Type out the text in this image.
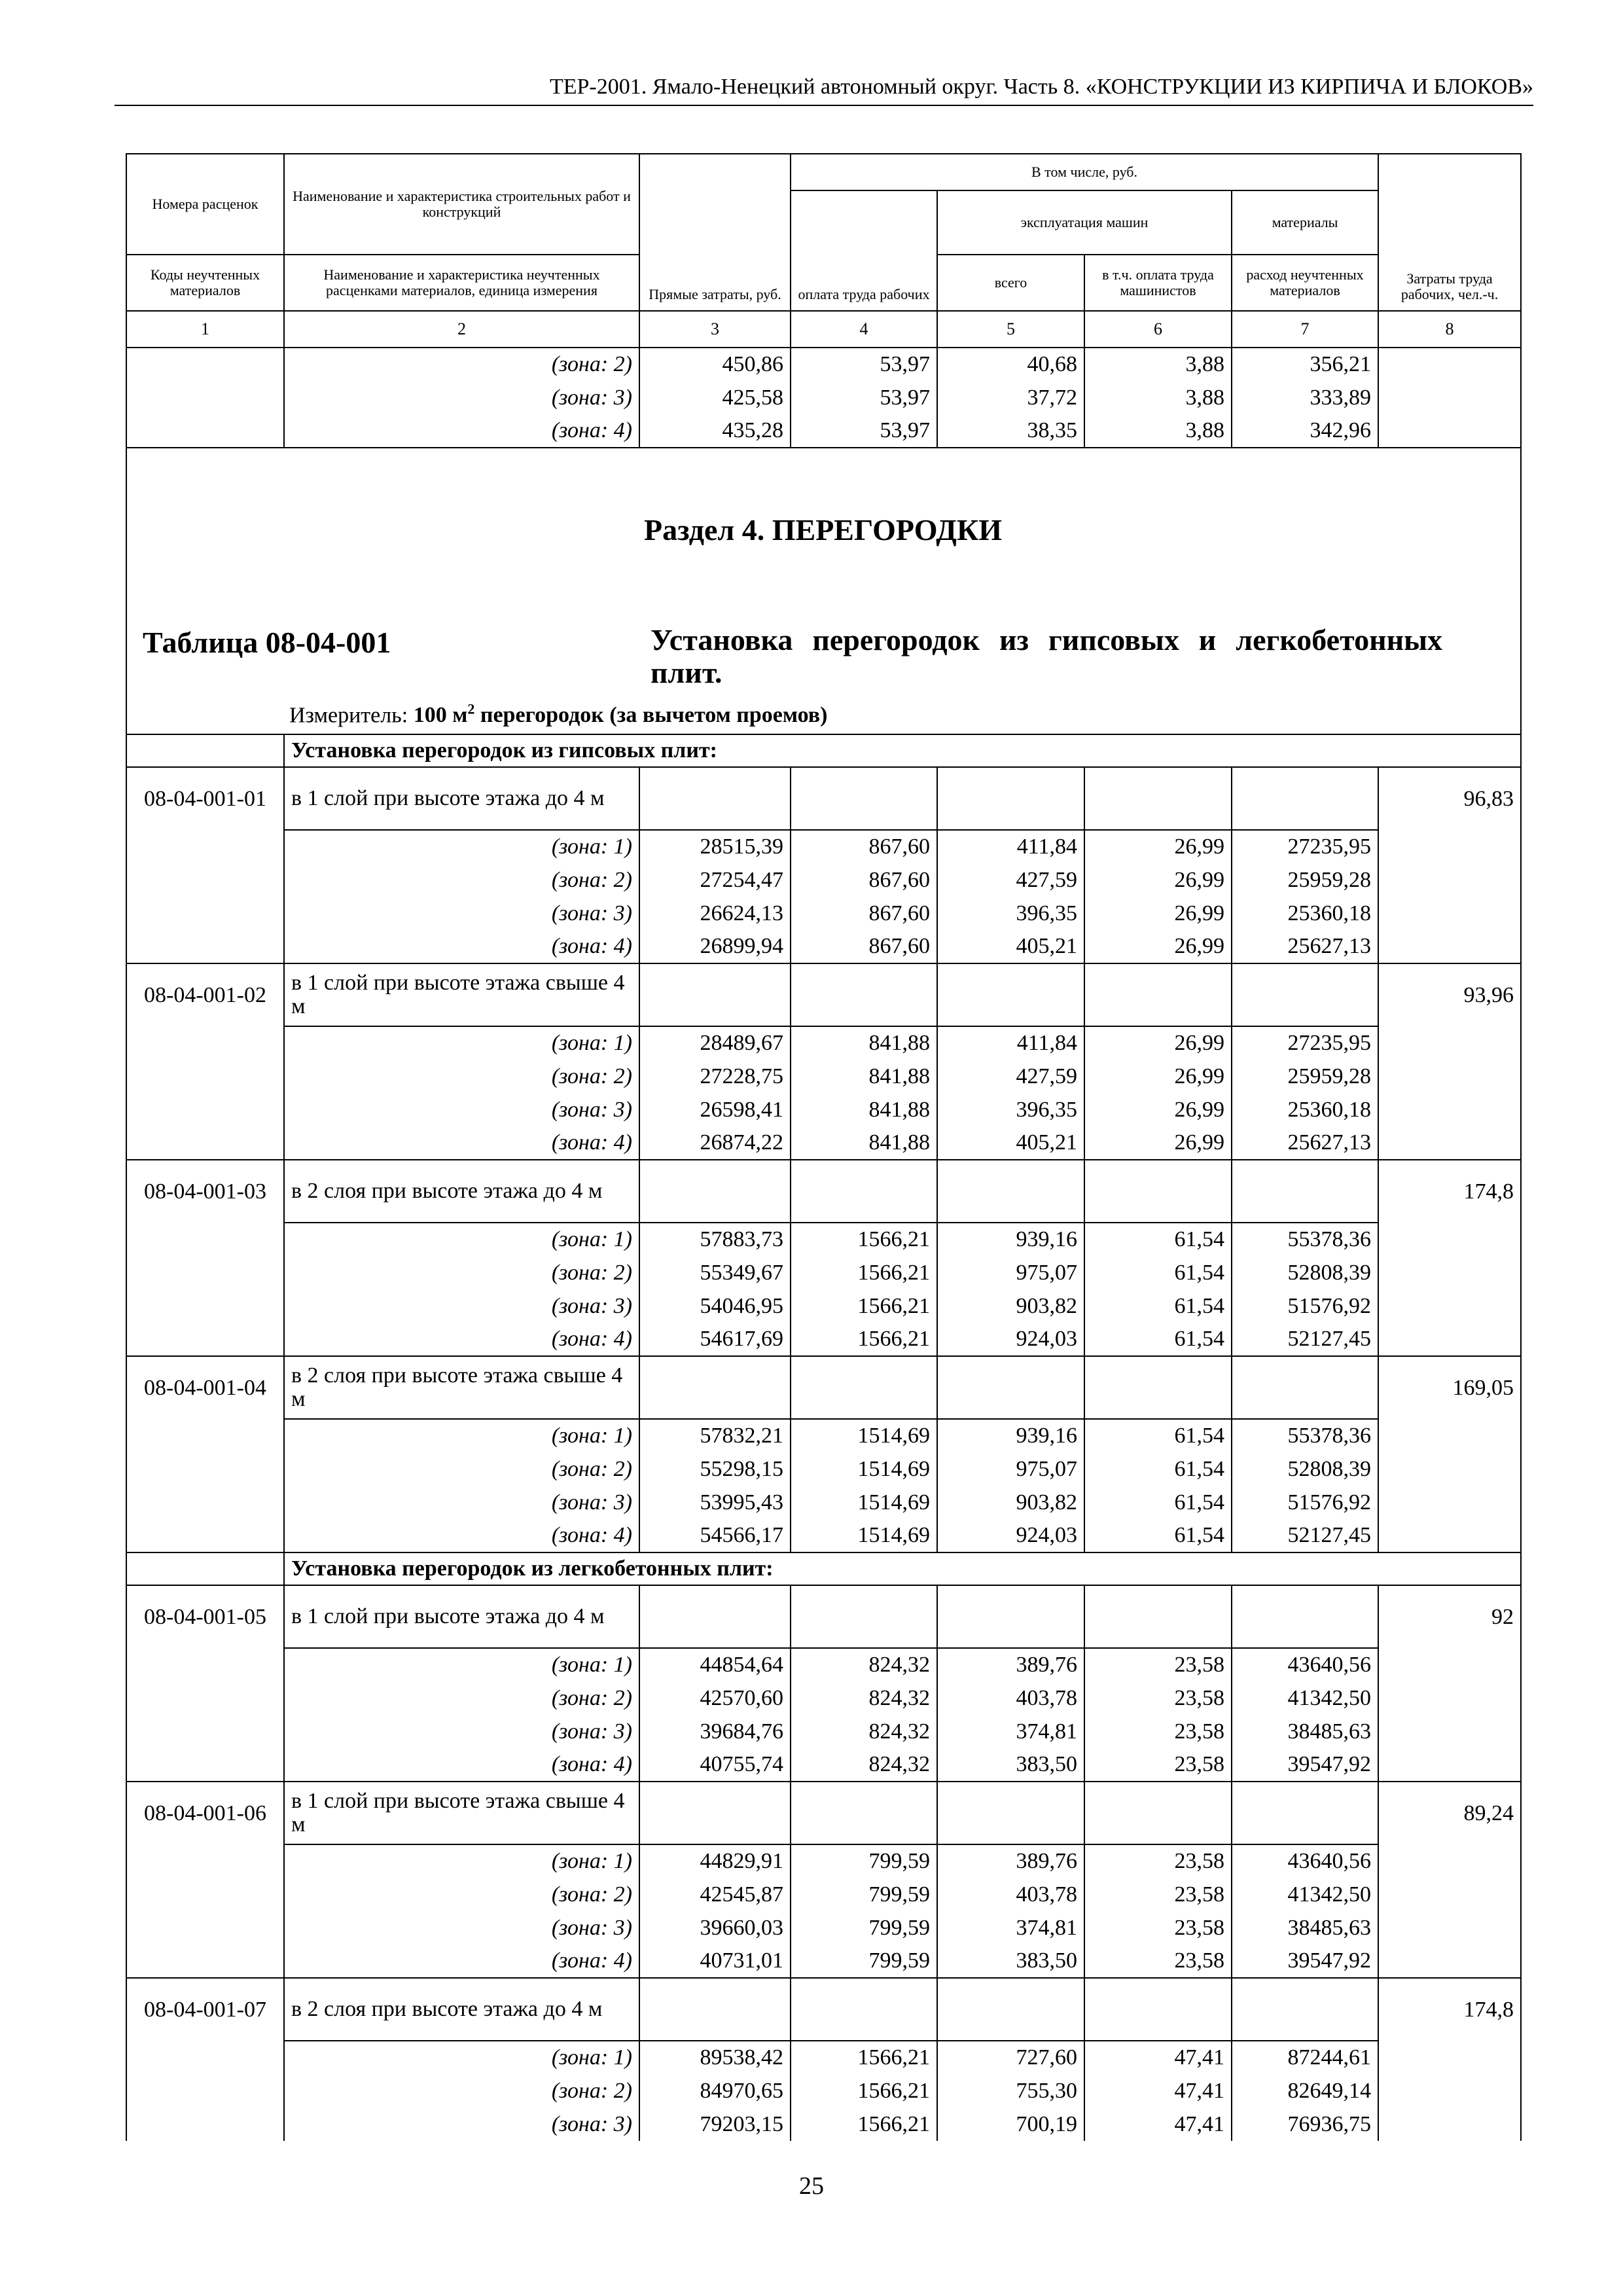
ТЕР-2001. Ямало-Ненецкий автономный округ. Часть 8. «КОНСТРУКЦИИ ИЗ КИРПИЧА И БЛОКОВ»
Номера расценок	Наименование и характеристика строительных работ и конструкций	Прямые затраты, руб.	В том числе, руб.				Затраты труда рабочих, чел.-ч.
			оплата труда рабочих	эксплуатация машин		материалы	
Коды неучтенных материалов	Наименование и характеристика неучтенных расценками материалов, единица измерения			всего	в т.ч. оплата труда машинистов	расход неучтенных материалов	
1	2	3	4	5	6	7	8
	(зона: 2)	450,86	53,97	40,68	3,88	356,21	
	(зона: 3)	425,58	53,97	37,72	3,88	333,89	
	(зона: 4)	435,28	53,97	38,35	3,88	342,96	

Раздел 4. ПЕРЕГОРОДКИ
Таблица 08-04-001 Установка перегородок из гипсовых и легкобетонных плит.
Измеритель: 100 $м^2$ перегородок (за вычетом проемов)							

	Установка перегородок из гипсовых плит:						
08-04-001-01	в 1 слой при высоте этажа до 4 м						96,83
	(зона: 1)	28515,39	867,60	411,84	26,99	27235,95	
	(зона: 2)	27254,47	867,60	427,59	26,99	25959,28	
	(зона: 3)	26624,13	867,60	396,35	26,99	25360,18	
	(зона: 4)	26899,94	867,60	405,21	26,99	25627,13	
08-04-001-02	в 1 слой при высоте этажа свыше 4 м						93,96
	(зона: 1)	28489,67	841,88	411,84	26,99	27235,95	
	(зона: 2)	27228,75	841,88	427,59	26,99	25959,28	
	(зона: 3)	26598,41	841,88	396,35	26,99	25360,18	
	(зона: 4)	26874,22	841,88	405,21	26,99	25627,13	
08-04-001-03	в 2 слоя при высоте этажа до 4 м						174,8
	(зона: 1)	57883,73	1566,21	939,16	61,54	55378,36	
	(зона: 2)	55349,67	1566,21	975,07	61,54	52808,39	
	(зона: 3)	54046,95	1566,21	903,82	61,54	51576,92	
	(зона: 4)	54617,69	1566,21	924,03	61,54	52127,45	
08-04-001-04	в 2 слоя при высоте этажа свыше 4 м						169,05
	(зона: 1)	57832,21	1514,69	939,16	61,54	55378,36	
	(зона: 2)	55298,15	1514,69	975,07	61,54	52808,39	
	(зона: 3)	53995,43	1514,69	903,82	61,54	51576,92	
	(зона: 4)	54566,17	1514,69	924,03	61,54	52127,45	
	Установка перегородок из легкобетонных плит:						
08-04-001-05	в 1 слой при высоте этажа до 4 м						92
	(зона: 1)	44854,64	824,32	389,76	23,58	43640,56	
	(зона: 2)	42570,60	824,32	403,78	23,58	41342,50	
	(зона: 3)	39684,76	824,32	374,81	23,58	38485,63	
	(зона: 4)	40755,74	824,32	383,50	23,58	39547,92	
08-04-001-06	в 1 слой при высоте этажа свыше 4 м						89,24
	(зона: 1)	44829,91	799,59	389,76	23,58	43640,56	
	(зона: 2)	42545,87	799,59	403,78	23,58	41342,50	
	(зона: 3)	39660,03	799,59	374,81	23,58	38485,63	
	(зона: 4)	40731,01	799,59	383,50	23,58	39547,92	
08-04-001-07	в 2 слоя при высоте этажа до 4 м						174,8
	(зона: 1)	89538,42	1566,21	727,60	47,41	87244,61	
	(зона: 2)	84970,65	1566,21	755,30	47,41	82649,14	
	(зона: 3)	79203,15	1566,21	700,19	47,41	76936,75	
25
